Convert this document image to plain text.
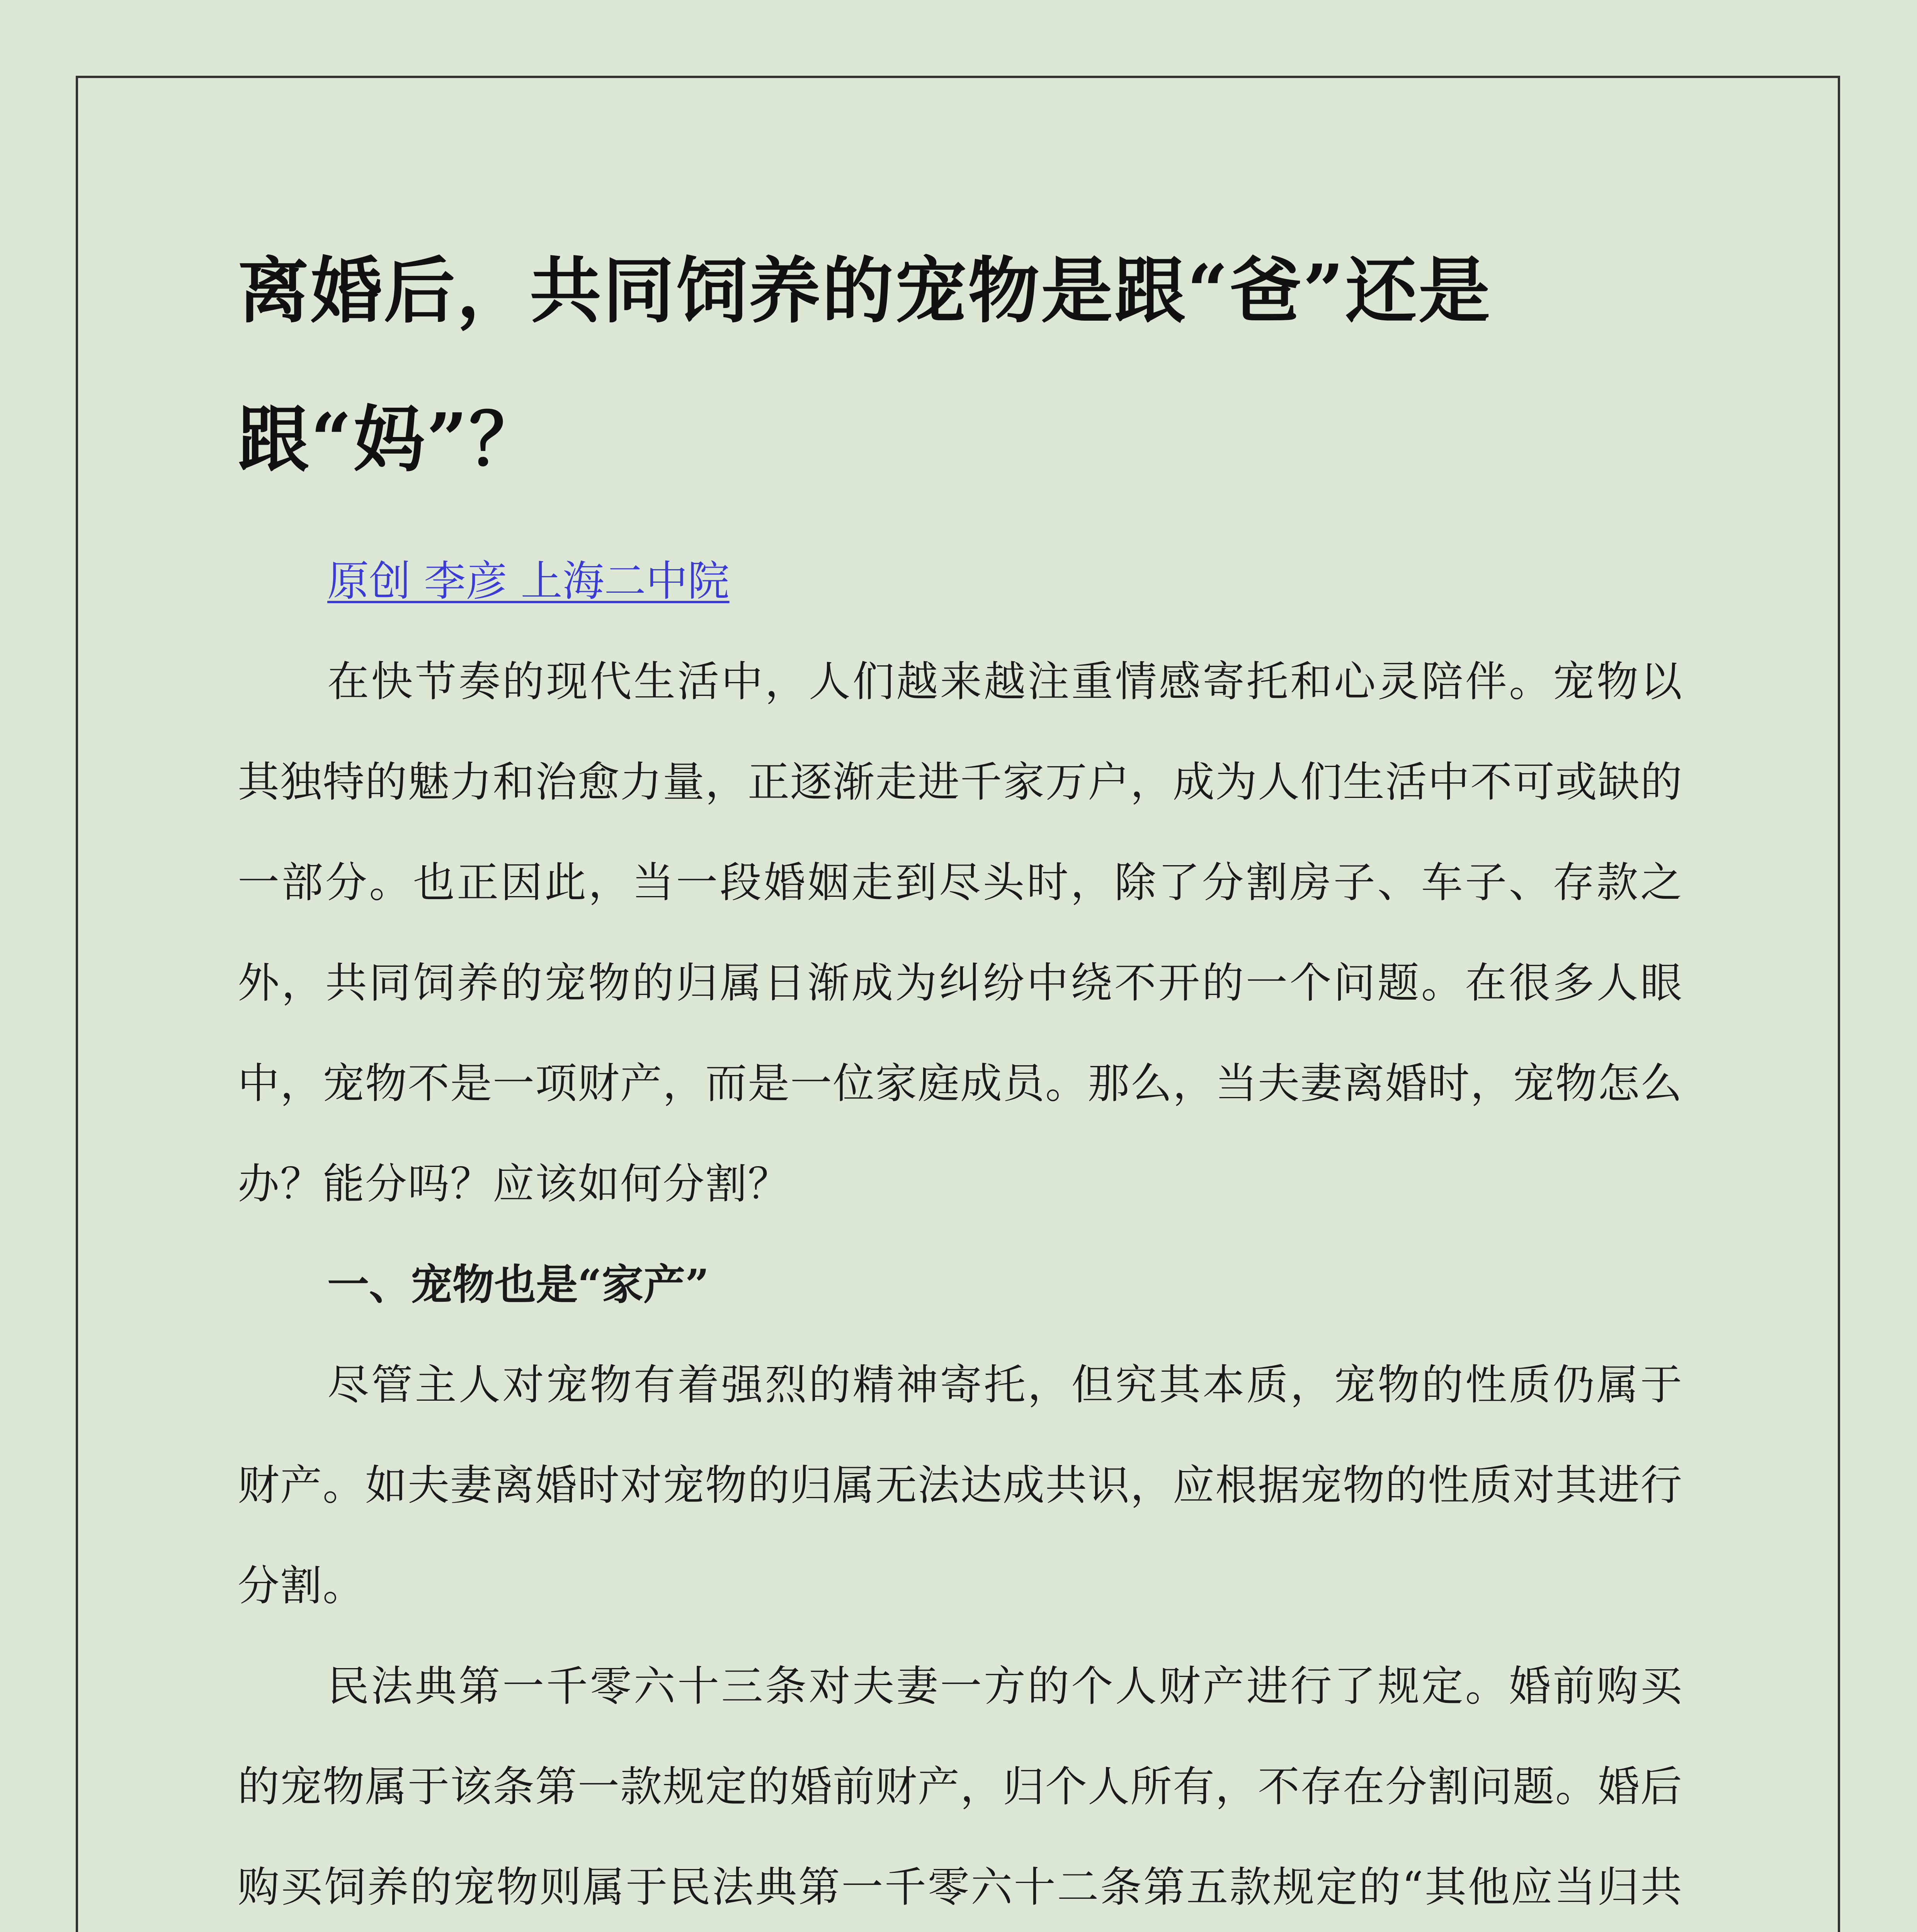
离婚后，共同饲养的宠物是跟“爸”还是跟“妈”？

原创 李彦 上海二中院

在快节奏的现代生活中，人们越来越注重情感寄托和心灵陪伴。宠物以其独特的魅力和治愈力量，正逐渐走进千家万户，成为人们生活中不可或缺的一部分。也正因此，当一段婚姻走到尽头时，除了分割房子、车子、存款之外，共同饲养的宠物的归属日渐成为纠纷中绕不开的一个问题。在很多人眼中，宠物不是一项财产，而是一位家庭成员。那么，当夫妻离婚时，宠物怎么办？能分吗？应该如何分割？

一、宠物也是“家产”

尽管主人对宠物有着强烈的精神寄托，但究其本质，宠物的性质仍属于财产。如夫妻离婚时对宠物的归属无法达成共识，应根据宠物的性质对其进行分割。

民法典第一千零六十三条对夫妻一方的个人财产进行了规定。婚前购买的宠物属于该条第一款规定的婚前财产，归个人所有，不存在分割问题。婚后购买饲养的宠物则属于民法典第一千零六十二条第五款规定的“其他应当归共
